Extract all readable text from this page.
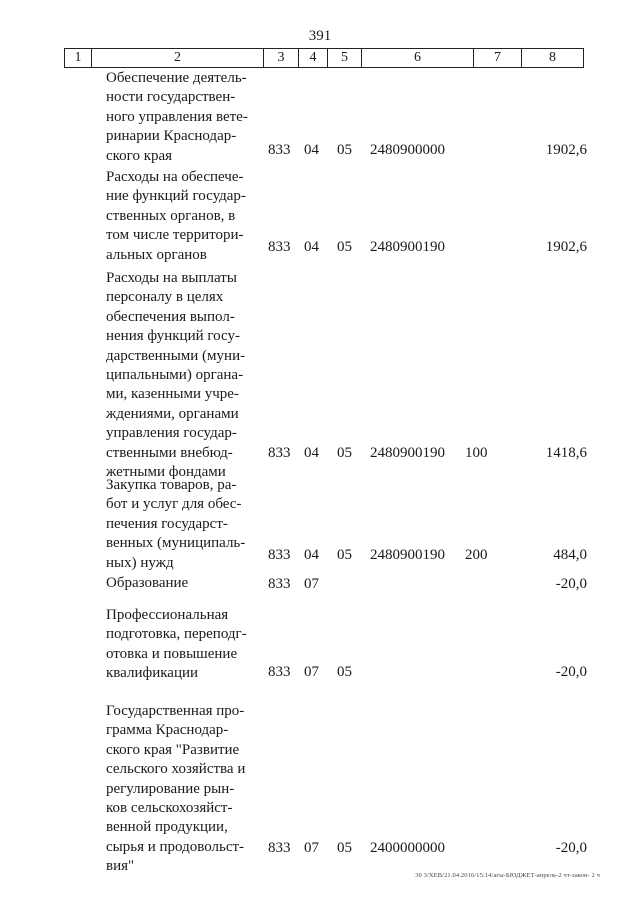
391
1	2	3	4	5	6	7	8
Обеспечение деятель-
ности государствен-
ного управления вете-
ринарии Краснодар-
ского края	833 04 05 2480900000	1902,6
Расходы на обеспече-
ние функций государ-
ственных органов, в
том числе территори-
альных органов
833 04 05 2480900190	1902,6
Расходы на выплаты
персоналу в целях
обеспечения выпол-
нения функций госу-
дарственными (муни-
ципальными) органа-
ми, казенными учре-
ждениями, органами
управления государ-
ственными внебюд-
жетными фондами
833 04 05 2480900190 100	1418,6
Закупка товаров, ра-
бот и услуг для обес-
печения государст-
венных (муниципаль-
ных) нужд
833 04 05 2480900190 200	484,0
Образование	833 07	-20,0
Профессиональная
подготовка, переподг-
отовка и повышение
квалификации	833 07 05	-20,0
Государственная про-
грамма Краснодар-
ского края "Развитие
сельского хозяйства и
регулирование рын-
ков сельскохозяйст-
венной продукции,
сырья и продовольст-
вия"
833 07 05 2400000000	-20,0
30 3/ХЕВ/21.04.2016/15:14/агы-БЮДЖЕТ-апрель-2 чт-закон- 2 ч
